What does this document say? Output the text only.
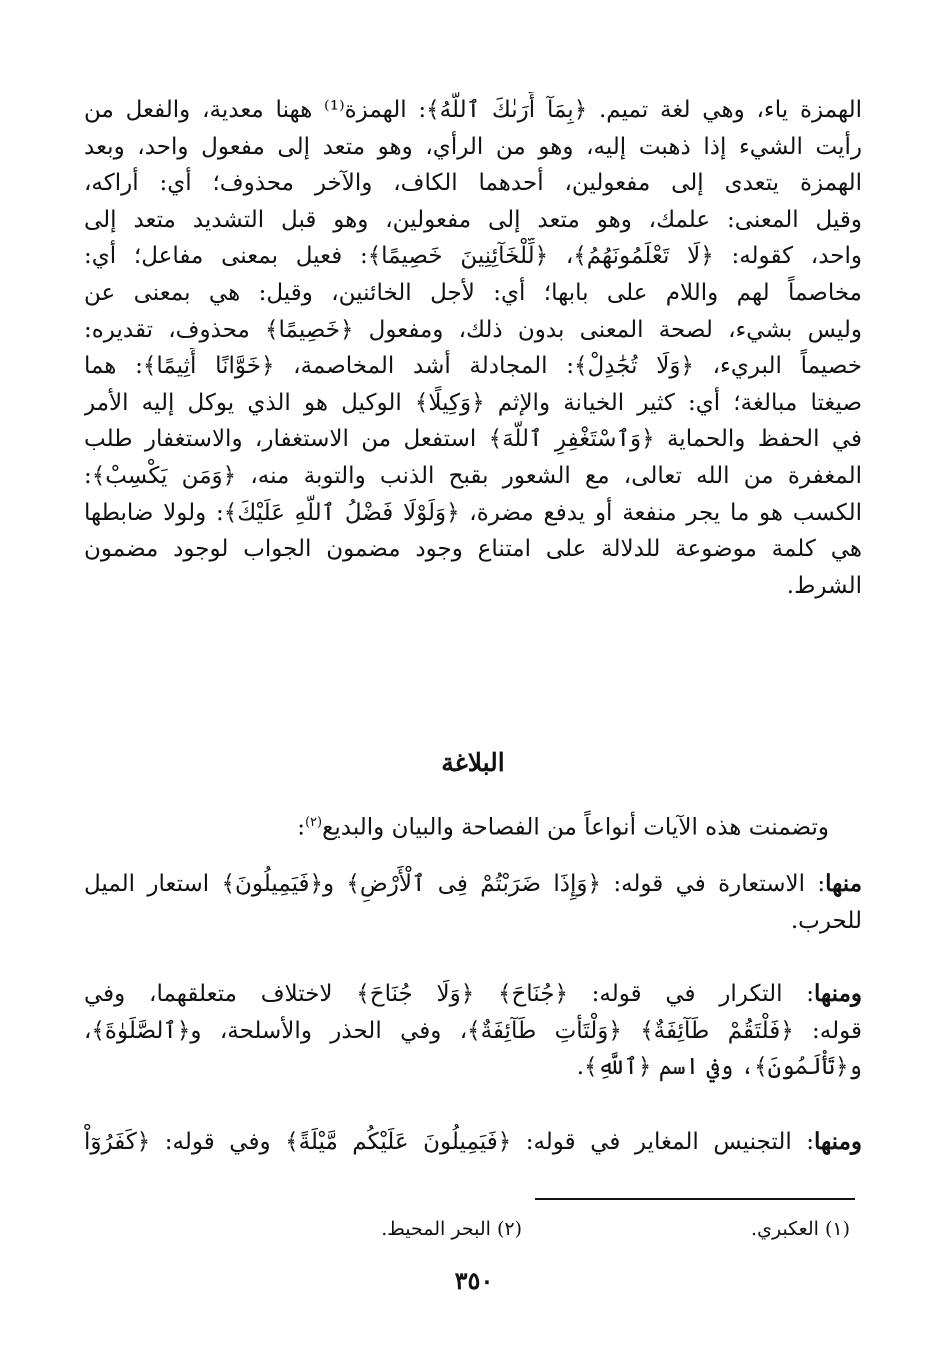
الهمزة ياء، وهي لغة تميم. ﴿بِمَآ أَرَىٰكَ ٱللَّهُ﴾: الهمزة⁽¹⁾ ههنا معدية، والفعل من
رأيت الشيء إذا ذهبت إليه، وهو من الرأي، وهو متعد إلى مفعول واحد، وبعد
الهمزة يتعدى إلى مفعولين، أحدهما الكاف، والآخر محذوف؛ أي: أراكه،
وقيل المعنى: علمك، وهو متعد إلى مفعولين، وهو قبل التشديد متعد إلى
واحد، كقوله: ﴿لَا تَعْلَمُونَهُمُ﴾، ﴿لِّلْخَآئِنِينَ خَصِيمًا﴾: فعيل بمعنى مفاعل؛ أي:
مخاصماً لهم واللام على بابها؛ أي: لأجل الخائنين، وقيل: هي بمعنى عن
وليس بشيء، لصحة المعنى بدون ذلك، ومفعول ﴿خَصِيمًا﴾ محذوف، تقديره:
خصيماً البريء، ﴿وَلَا تُجَٰدِلْ﴾: المجادلة أشد المخاصمة، ﴿خَوَّانًا أَثِيمًا﴾: هما
صيغتا مبالغة؛ أي: كثير الخيانة والإثم ﴿وَكِيلًا﴾ الوكيل هو الذي يوكل إليه الأمر
في الحفظ والحماية ﴿وَٱسْتَغْفِرِ ٱللَّهَ﴾ استفعل من الاستغفار، والاستغفار طلب
المغفرة من الله تعالى، مع الشعور بقبح الذنب والتوبة منه، ﴿وَمَن يَكْسِبْ﴾:
الكسب هو ما يجر منفعة أو يدفع مضرة، ﴿وَلَوْلَا فَضْلُ ٱللَّهِ عَلَيْكَ﴾: ولولا ضابطها
هي كلمة موضوعة للدلالة على امتناع وجود مضمون الجواب لوجود مضمون
الشرط.
البلاغة
وتضمنت هذه الآيات أنواعاً من الفصاحة والبيان والبديع$^{(٢)}$:
منها: الاستعارة في قوله: ﴿وَإِذَا ضَرَبْتُمْ فِى ٱلْأَرْضِ﴾ و﴿فَيَمِيلُونَ﴾ استعار الميل
للحرب.
ومنها: التكرار في قوله: ﴿جُنَاحَ﴾ ﴿وَلَا جُنَاحَ﴾ لاختلاف متعلقهما، وفي
قوله: ﴿فَلْتَقُمْ طَآئِفَةٌ﴾ ﴿وَلْتَأْتِ طَآئِفَةٌ﴾، وفي الحذر والأسلحة، و﴿ٱلصَّلَوٰةَ﴾،
و﴿تَأْلَمُونَ﴾، وفي اسم ﴿ٱللَّهِ﴾.
ومنها: التجنيس المغاير في قوله: ﴿فَيَمِيلُونَ عَلَيْكُم مَّيْلَةً﴾ وفي قوله: ﴿كَفَرُوٓاْ
(١) العكبري.
(٢) البحر المحيط.
٣٥٠
